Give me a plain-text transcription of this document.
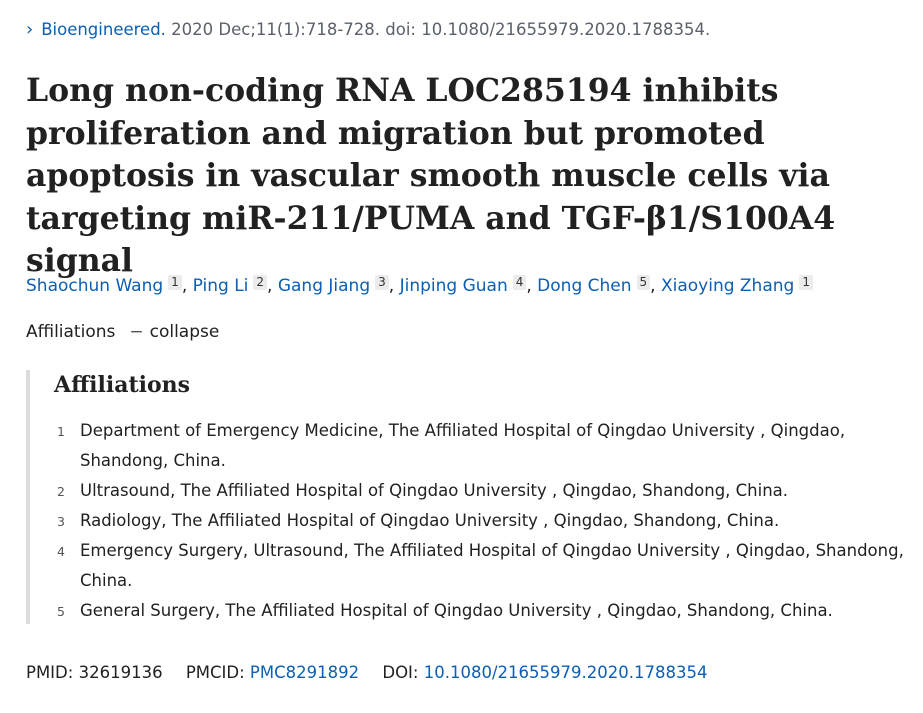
› Bioengineered. 2020 Dec;11(1):718-728. doi: 10.1080/21655979.2020.1788354.
Long non-coding RNA LOC285194 inhibits proliferation and migration but promoted apoptosis in vascular smooth muscle cells via targeting miR-211/PUMA and TGF-β1/S100A4 signal
Shaochun Wang 1 , Ping Li 2 , Gang Jiang 3 , Jinping Guan 4 , Dong Chen 5 , Xiaoying Zhang 1
Affiliations − collapse
Affiliations
1 Department of Emergency Medicine, The Affiliated Hospital of Qingdao University , Qingdao, Shandong, China.
2 Ultrasound, The Affiliated Hospital of Qingdao University , Qingdao, Shandong, China.
3 Radiology, The Affiliated Hospital of Qingdao University , Qingdao, Shandong, China.
4 Emergency Surgery, Ultrasound, The Affiliated Hospital of Qingdao University , Qingdao, Shandong, China.
5 General Surgery, The Affiliated Hospital of Qingdao University , Qingdao, Shandong, China.
PMID: 32619136 PMCID: PMC8291892 DOI: 10.1080/21655979.2020.1788354
